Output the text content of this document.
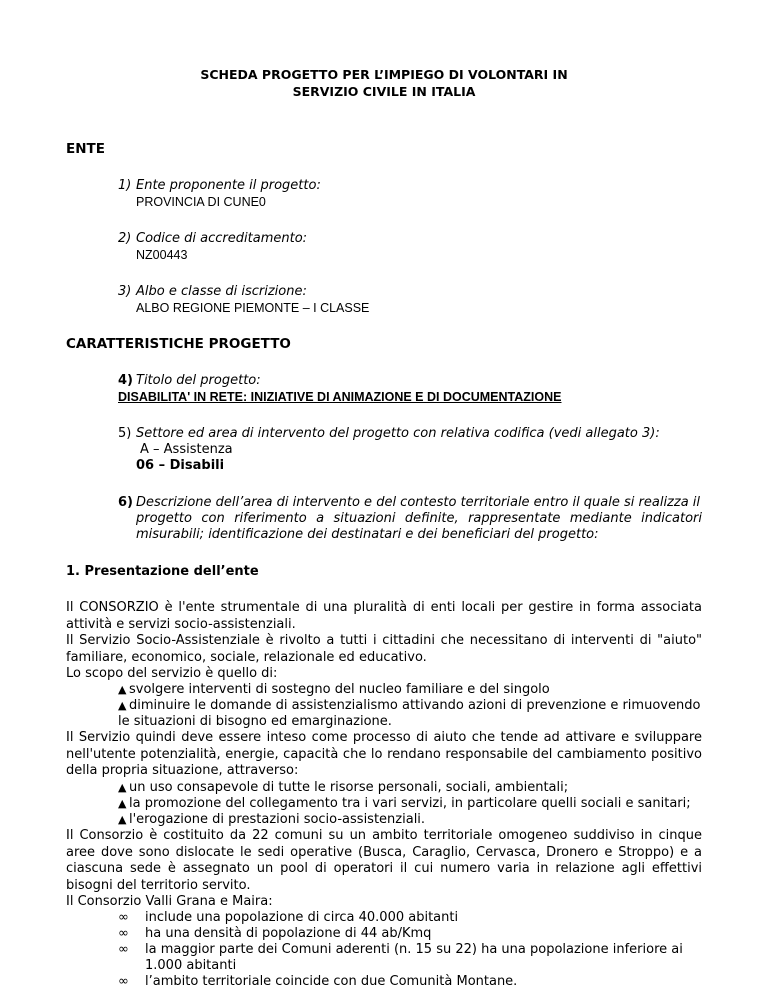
SCHEDA PROGETTO PER L’IMPIEGO DI VOLONTARI IN
SERVIZIO CIVILE IN ITALIA
ENTE
1) Ente proponente il progetto:
PROVINCIA DI CUNE0
2) Codice di accreditamento:
NZ00443
3) Albo e classe di iscrizione:
ALBO REGIONE PIEMONTE – I CLASSE
CARATTERISTICHE PROGETTO
4) Titolo del progetto:
DISABILITA' IN RETE: INIZIATIVE DI ANIMAZIONE E DI DOCUMENTAZIONE
5) Settore ed area di intervento del progetto con relativa codifica (vedi allegato 3):
A – Assistenza
06 – Disabili
6) Descrizione dell’area di intervento e del contesto territoriale entro il quale si realizza il
progetto con riferimento a situazioni definite, rappresentate mediante indicatori
misurabili; identificazione dei destinatari e dei beneficiari del progetto:
1. Presentazione dell’ente
Il CONSORZIO è l'ente strumentale di una pluralità di enti locali per gestire in forma associata attività e servizi socio-assistenziali.
Il Servizio Socio-Assistenziale è rivolto a tutti i cittadini che necessitano di interventi di "aiuto" familiare, economico, sociale, relazionale ed educativo.
Lo scopo del servizio è quello di:
▲ svolgere interventi di sostegno del nucleo familiare e del singolo
▲ diminuire le domande di assistenzialismo attivando azioni di prevenzione e rimuovendo
le situazioni di bisogno ed emarginazione.
Il Servizio quindi deve essere inteso come processo di aiuto che tende ad attivare e sviluppare nell'utente potenzialità, energie, capacità che lo rendano responsabile del cambiamento positivo della propria situazione, attraverso:
▲ un uso consapevole di tutte le risorse personali, sociali, ambientali;
▲ la promozione del collegamento tra i vari servizi, in particolare quelli sociali e sanitari;
▲ l'erogazione di prestazioni socio-assistenziali.
Il Consorzio è costituito da 22 comuni su un ambito territoriale omogeneo suddiviso in cinque aree dove sono dislocate le sedi operative (Busca, Caraglio, Cervasca, Dronero e Stroppo) e a ciascuna sede è assegnato un pool di operatori il cui numero varia in relazione agli effettivi bisogni del territorio servito.
Il Consorzio Valli Grana e Maira:
∞ include una popolazione di circa 40.000 abitanti
∞ ha una densità di popolazione di 44 ab/Kmq
∞ la maggior parte dei Comuni aderenti (n. 15 su 22) ha una popolazione inferiore ai
1.000 abitanti
∞ l’ambito territoriale coincide con due Comunità Montane.
